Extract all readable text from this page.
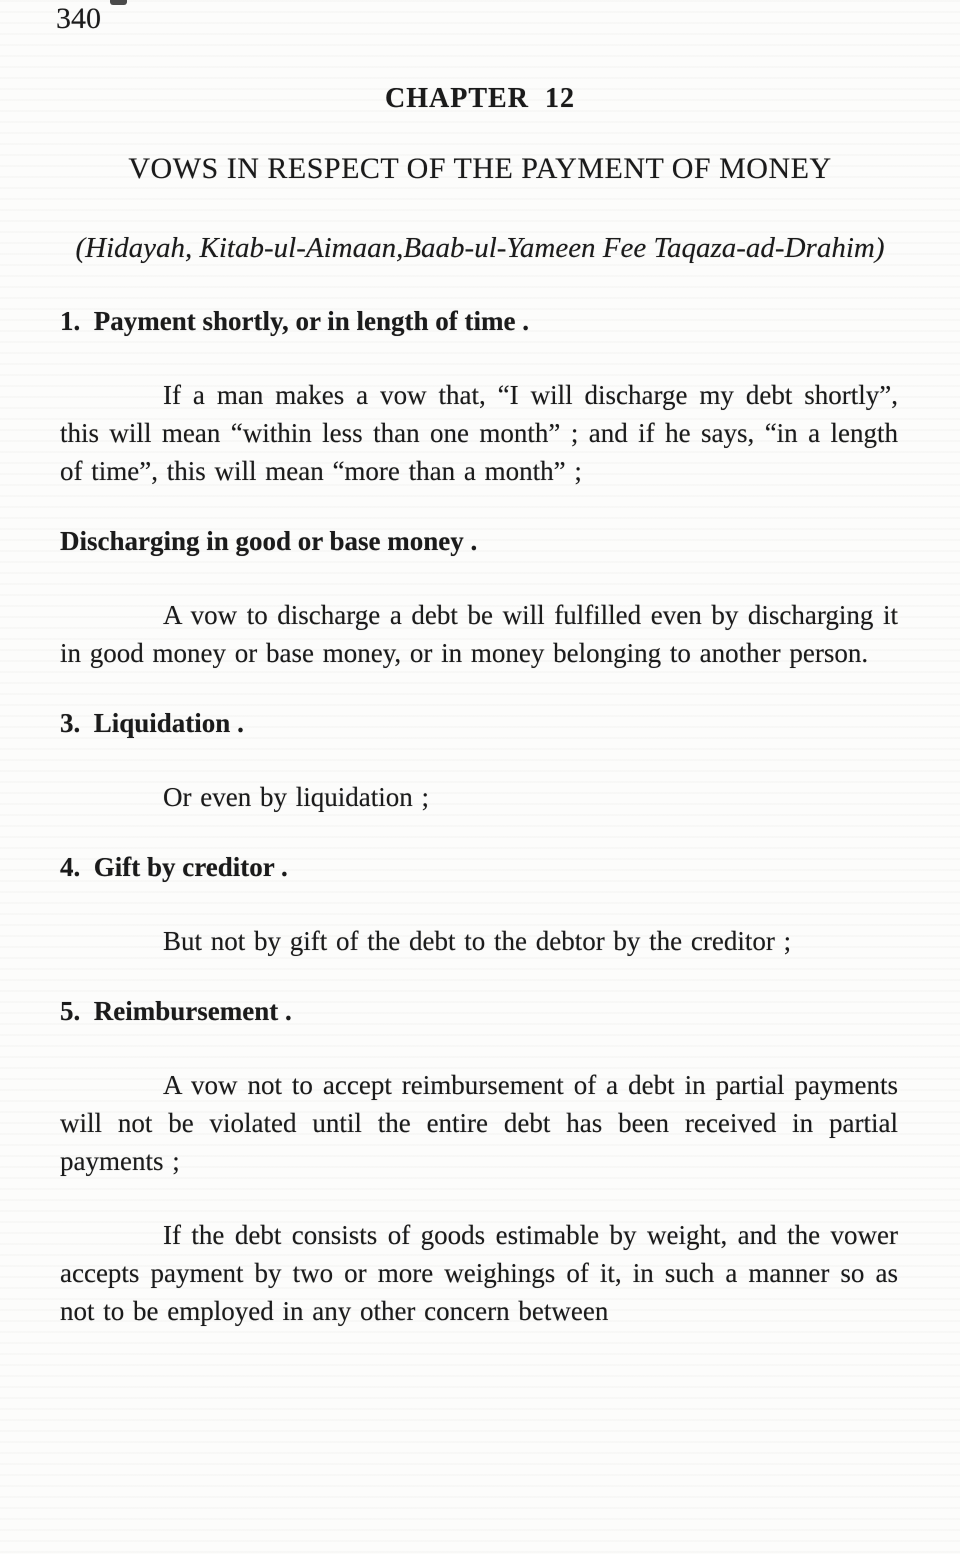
340
CHAPTER  12
VOWS IN RESPECT OF THE PAYMENT OF MONEY
(Hidayah, Kitab-ul-Aimaan,Baab-ul-Yameen Fee Taqaza-ad-Drahim)
1.  Payment shortly, or in length of time .
If a man makes a vow that, “I will discharge my debt shortly”, this will mean “within less than one month” ; and if he says, “in a length of time”, this will mean “more than a month” ;
Discharging in good or base money .
A vow to discharge a debt be will fulfilled even by discharging it in good money or base money, or in money belonging to another person.
3.  Liquidation .
Or even by liquidation ;
4.  Gift by creditor .
But not by gift of the debt to the debtor by the creditor ;
5.  Reimbursement .
A vow not to accept reimbursement of a debt in partial payments will not be violated until the entire debt has been received in partial payments ;
If the debt consists of goods estimable by weight, and the vower accepts payment by two or more weighings of it, in such a manner so as not to be employed in any other concern between
